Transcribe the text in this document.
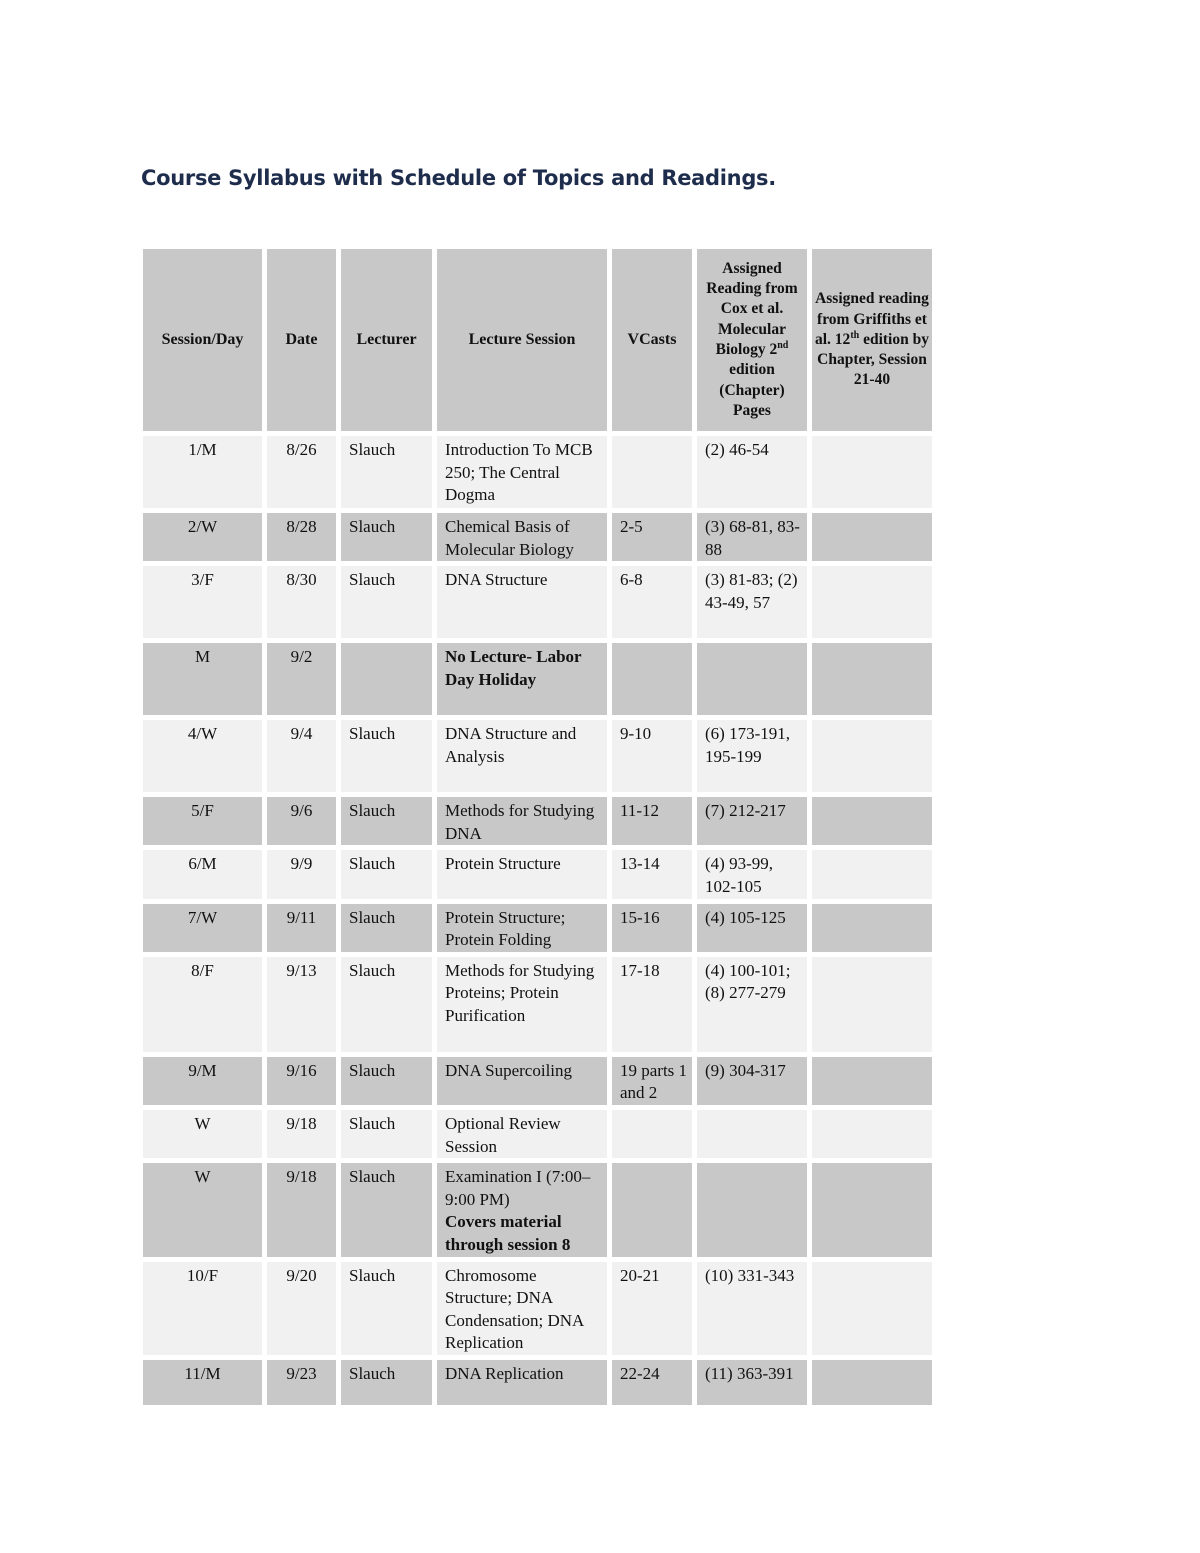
Course Syllabus with Schedule of Topics and Readings.
Session/Day	Date	Lecturer	Lecture Session	VCasts	Assigned Reading from Cox et al. Molecular Biology 2nd edition (Chapter) Pages	Assigned reading from Griffiths et al. 12th edition by Chapter, Session 21-40
1/M	8/26	Slauch	Introduction To MCB 250; The Central Dogma		(2) 46-54	
2/W	8/28	Slauch	Chemical Basis of Molecular Biology	2-5	(3) 68-81, 83-88	
3/F	8/30	Slauch	DNA Structure	6-8	(3) 81-83; (2) 43-49, 57	
M	9/2		No Lecture- Labor Day Holiday			

4/W	9/4	Slauch	DNA Structure and Analysis	9-10	(6) 173-191, 195-199	
5/F	9/6	Slauch	Methods for Studying DNA	11-12	(7) 212-217	
6/M	9/9	Slauch	Protein Structure	13-14	(4) 93-99, 102-105	
7/W	9/11	Slauch	Protein Structure; Protein Folding	15-16	(4) 105-125	
8/F	9/13	Slauch	Methods for Studying Proteins; Protein Purification	17-18	(4) 100-101; (8) 277-279	
9/M	9/16	Slauch	DNA Supercoiling	19 parts 1 and 2	(9) 304-317	
W	9/18	Slauch	Optional Review Session			

W	9/18	Slauch	Examination I (7:00–9:00 PM)
Covers material through session 8			

10/F	9/20	Slauch	Chromosome Structure; DNA Condensation; DNA Replication	20-21	(10) 331-343	
11/M	9/23	Slauch	DNA Replication	22-24	(11) 363-391	
